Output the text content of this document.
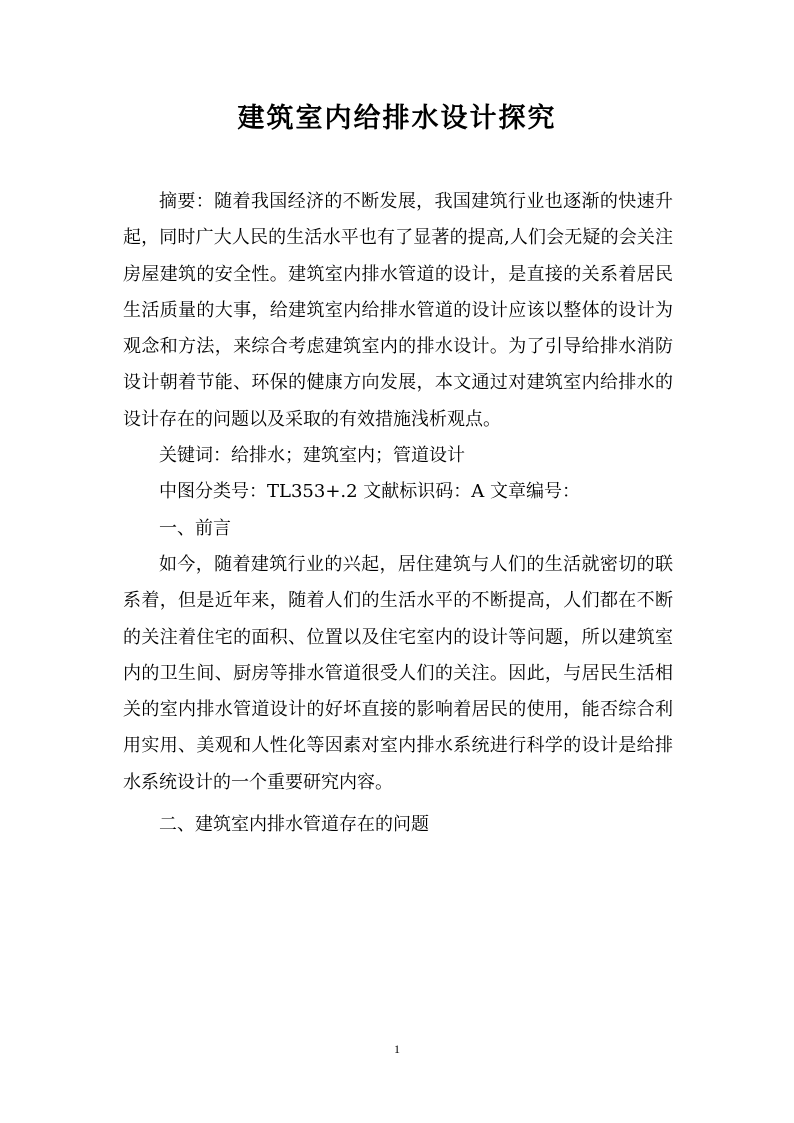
建筑室内给排水设计探究

摘要：随着我国经济的不断发展，我国建筑行业也逐渐的快速升起，同时广大人民的生活水平也有了显著的提高,人们会无疑的会关注房屋建筑的安全性。建筑室内排水管道的设计，是直接的关系着居民生活质量的大事，给建筑室内给排水管道的设计应该以整体的设计为观念和方法，来综合考虑建筑室内的排水设计。为了引导给排水消防设计朝着节能、环保的健康方向发展，本文通过对建筑室内给排水的设计存在的问题以及采取的有效措施浅析观点。

关键词：给排水；建筑室内；管道设计

中图分类号：TL353+.2 文献标识码：A 文章编号：

一、前言

如今，随着建筑行业的兴起，居住建筑与人们的生活就密切的联系着，但是近年来，随着人们的生活水平的不断提高，人们都在不断的关注着住宅的面积、位置以及住宅室内的设计等问题，所以建筑室内的卫生间、厨房等排水管道很受人们的关注。因此，与居民生活相关的室内排水管道设计的好坏直接的影响着居民的使用，能否综合利用实用、美观和人性化等因素对室内排水系统进行科学的设计是给排水系统设计的一个重要研究内容。

二、建筑室内排水管道存在的问题

1
